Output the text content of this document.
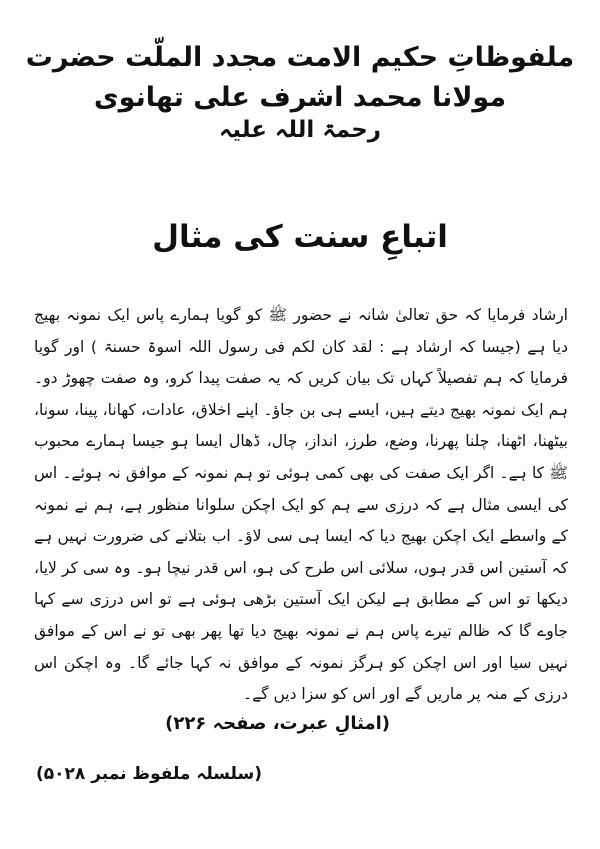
ملفوظاتِ حکیم الامت مجدد الملّت حضرت مولانا محمد اشرف علی تھانوی
رحمۃ اللہ علیہ
اتباعِ سنت کی مثال

ارشاد فرمایا کہ حق تعالیٰ شانہ نے حضور ﷺ کو گویا ہمارے پاس ایک نمونہ بھیج دیا ہے (جیسا کہ ارشاد ہے : لقد کان لکم فی رسول اللہ اسوۃ حسنۃ ) اور گویا فرمایا کہ ہم تفصیلاً کہاں تک بیان کریں کہ یہ صفت پیدا کرو، وہ صفت چھوڑ دو۔ ہم ایک نمونہ بھیج دیتے ہیں، ایسے ہی بن جاؤ۔ اپنے اخلاق، عادات، کھانا، پینا، سونا، بیٹھنا، اٹھنا، چلنا پھرنا، وضع، طرز، انداز، چال، ڈھال ایسا ہو جیسا ہمارے محبوب ﷺ کا ہے۔ اگر ایک صفت کی بھی کمی ہوئی تو ہم نمونہ کے موافق نہ ہوئے۔ اس کی ایسی مثال ہے کہ درزی سے ہم کو ایک اچکن سلوانا منظور ہے، ہم نے نمونہ کے واسطے ایک اچکن بھیج دیا کہ ایسا ہی سی لاؤ۔ اب بتلانے کی ضرورت نہیں ہے کہ آستین اس قدر ہوں، سلائی اس طرح کی ہو، اس قدر نیچا ہو۔ وہ سی کر لایا، دیکھا تو اس کے مطابق ہے لیکن ایک آستین بڑھی ہوئی ہے تو اس درزی سے کہا جاوے گا کہ ظالم تیرے پاس ہم نے نمونہ بھیج دیا تھا پھر بھی تو نے اس کے موافق نہیں سیا اور اس اچکن کو ہرگز نمونہ کے موافق نہ کہا جائے گا۔ وہ اچکن اس درزی کے منہ پر ماریں گے اور اس کو سزا دیں گے۔

(امثالِ عبرت، صفحہ ۲۲۶)
(سلسلہ ملفوظ نمبر ۵۰۲۸)
